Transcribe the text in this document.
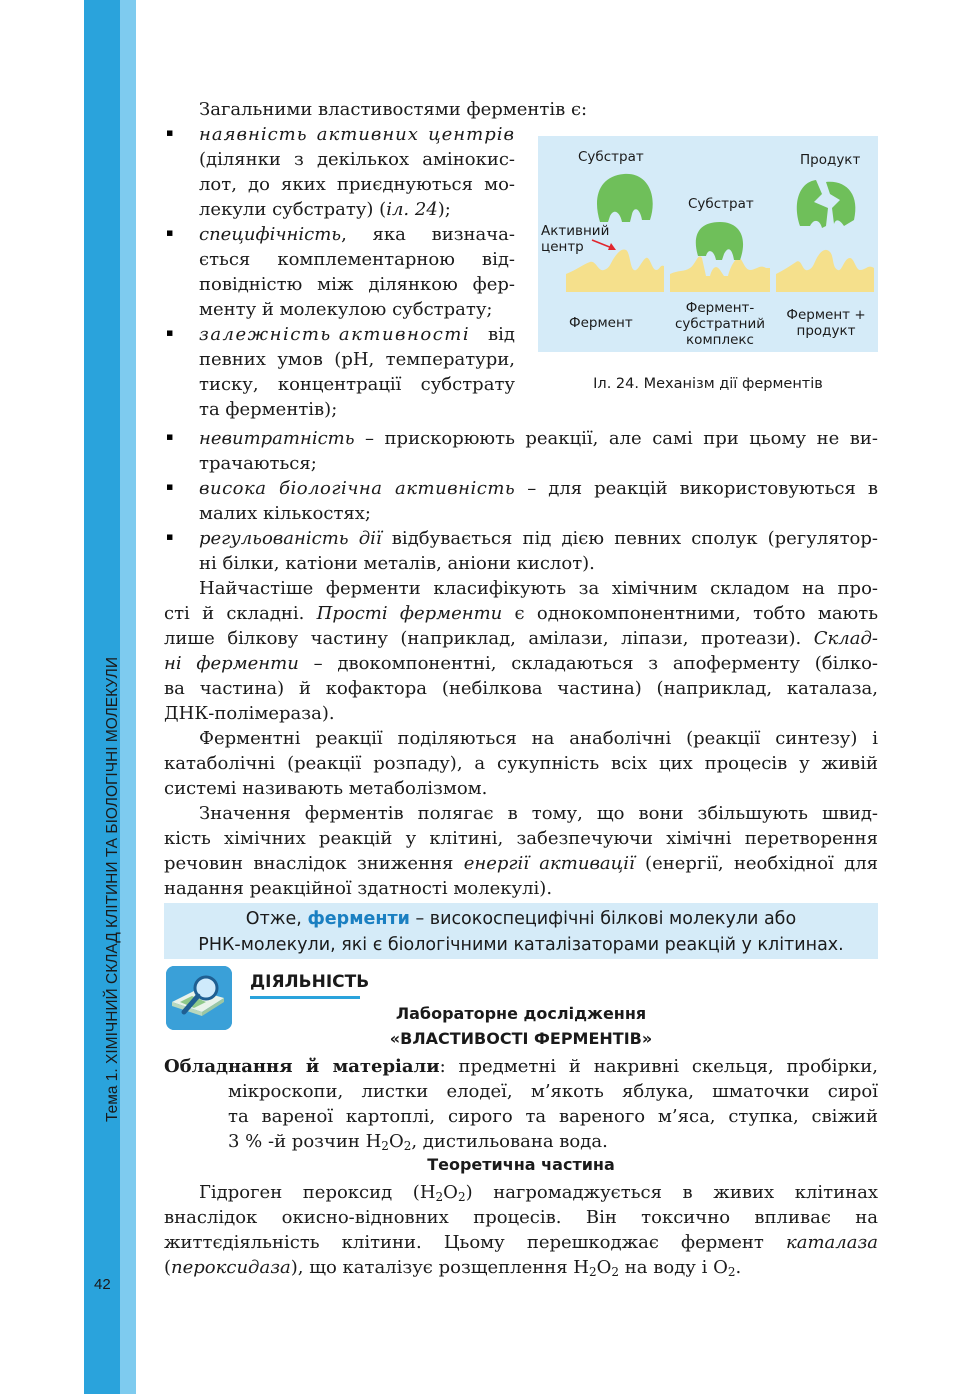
Тема 1. ХІМІЧНИЙ СКЛАД КЛІТИНИ ТА БІОЛОГІЧНІ МОЛЕКУЛИ
42
Загальними властивостями ферментів є:
▪ наявність активних центрів
(ділянки з декількох амінокис-
лот, до яких приєднуються мо-
лекули субстрату) (іл. 24);
▪ специфічність, яка визнача-
ється комплементарною від-
повідністю між ділянкою фер-
менту й молекулою субстрату;
▪ залежність активності від
певних умов (рН, температури,
тиску, концентрації субстрату
та ферментів);
Субстрат	Продукт
Субстрат
Активний
центр
Фермент
Фермент-
субстратний
комплекс
Фермент +
продукт
Іл. 24. Механізм дії ферментів
▪ невитратність – прискорюють реакції, але самі при цьому не ви-
трачаються;
▪ висока біологічна активність – для реакцій використовуються в
малих кількостях;
▪ регульованість дії відбувається під дією певних сполук (регулятор-
ні білки, катіони металів, аніони кислот).
Найчастіше ферменти класифікують за хімічним складом на про-
сті й складні. Прості ферменти є однокомпонентними, тобто мають
лише білкову частину (наприклад, амілази, ліпази, протеази). Склад-
ні ферменти – двокомпонентні, складаються з апоферменту (білко-
ва частина) й кофактора (небілкова частина) (наприклад, каталаза,
ДНК-полімераза).
Ферментні реакції поділяються на анаболічні (реакції синтезу) і
катаболічні (реакції розпаду), а сукупність всіх цих процесів у живій
системі називають метаболізмом.
Значення ферментів полягає в тому, що вони збільшують швид-
кість хімічних реакцій у клітині, забезпечуючи хімічні перетворення
речовин внаслідок зниження енергії активації (енергії, необхідної для
надання реакційної здатності молекулі).
Отже, ферменти – високоспецифічні білкові молекули або
РНК-молекули, які є біологічними каталізаторами реакцій у клітинах.
ДІЯЛЬНІСТЬ
Лабораторне дослідження
«ВЛАСТИВОСТІ ФЕРМЕНТІВ»
Обладнання й матеріали: предметні й накривні скельця, пробірки,
мікроскопи, листки елодеї, м’якоть яблука, шматочки сирої
та вареної картоплі, сирого та вареного м’яса, ступка, свіжий
3 % -й розчин $H_2O_2$, дистильована вода.
Теоретична частина
Гідроген пероксид $(H_2O_2)$ нагромаджується в живих клітинах
внаслідок окисно-відновних процесів. Він токсично впливає на
життєдіяльність клітини. Цьому перешкоджає фермент каталаза
(пероксидаза), що каталізує розщеплення $H_2O_2$ на воду і $O_2$.
